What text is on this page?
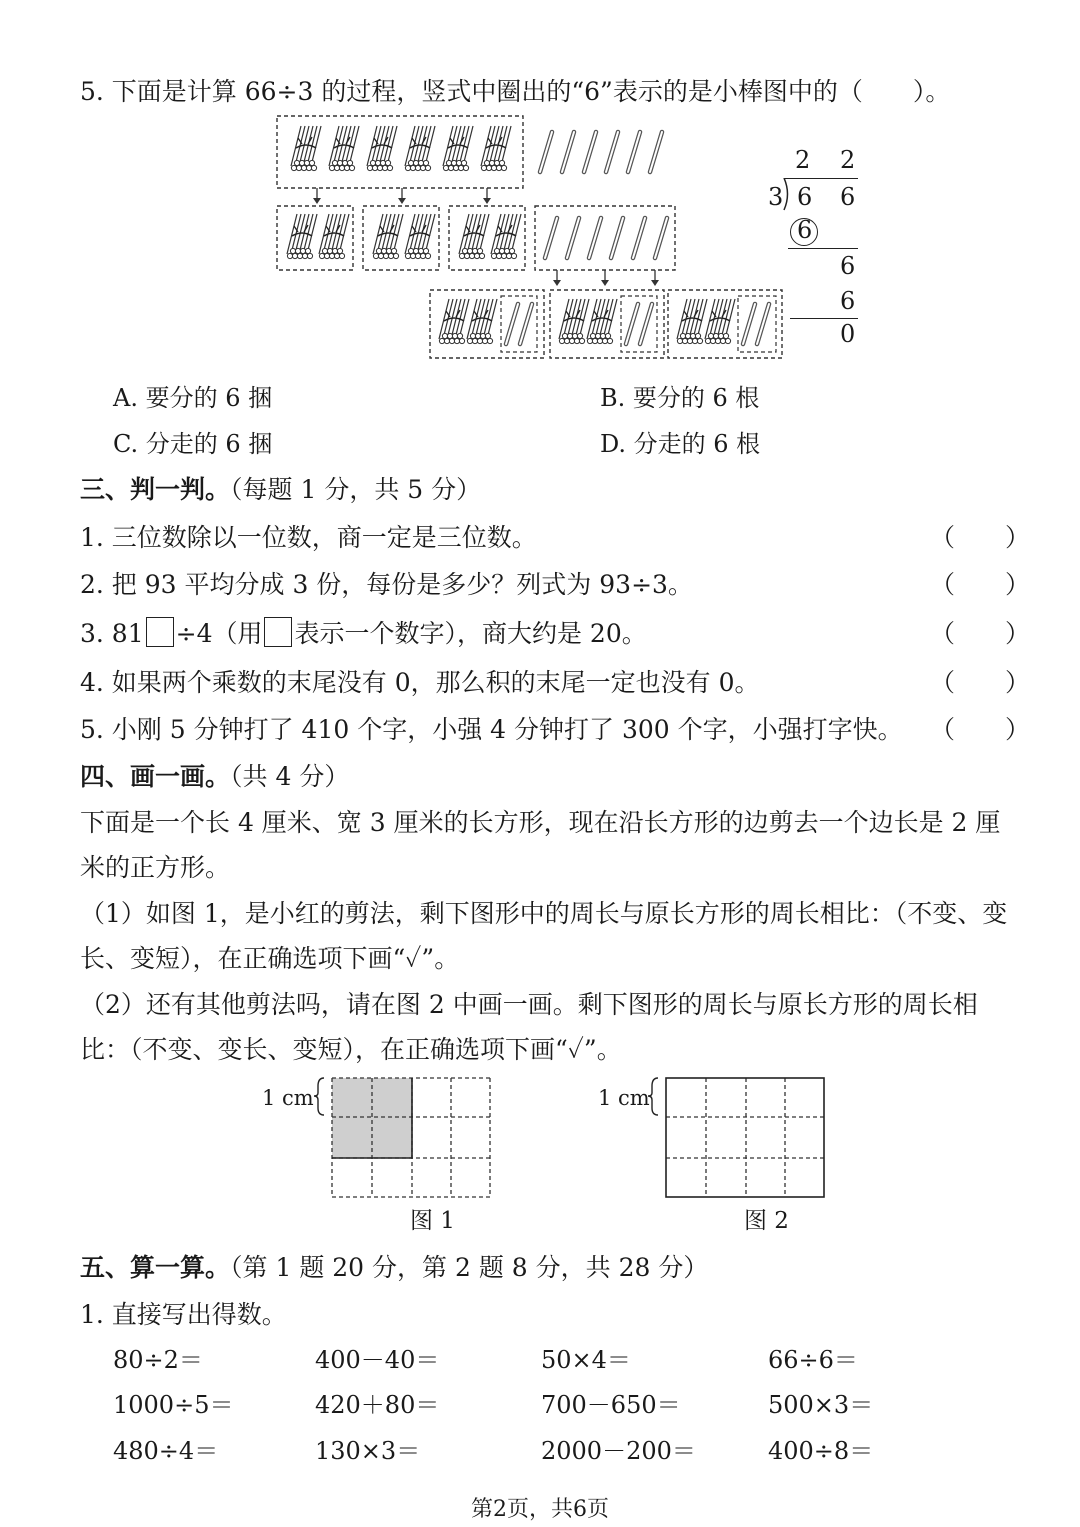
5. 下面是计算 66÷3 的过程，竖式中圈出的“6”表示的是小棒图中的（　　）。
2 2
3 6 6
6
6
6
0
A. 要分的 6 捆	B. 要分的 6 根
C. 分走的 6 捆	D. 分走的 6 根
三、判一判。（每题 1 分，共 5 分）
1. 三位数除以一位数，商一定是三位数。	（　　）
2. 把 93 平均分成 3 份，每份是多少？列式为 93÷3。	（　　）
3. 81 ÷4（用 表示一个数字），商大约是 20。	（　　）
4. 如果两个乘数的末尾没有 0，那么积的末尾一定也没有 0。	（　　）
5. 小刚 5 分钟打了 410 个字，小强 4 分钟打了 300 个字，小强打字快。 （　　）
四、画一画。（共 4 分）
下面是一个长 4 厘米、宽 3 厘米的长方形，现在沿长方形的边剪去一个边长是 2 厘
米的正方形。
（1）如图 1，是小红的剪法，剩下图形中的周长与原长方形的周长相比：（不变、变
长、变短），在正确选项下画“✓”。
（2）还有其他剪法吗，请在图 2 中画一画。剩下图形的周长与原长方形的周长相
比：（不变、变长、变短），在正确选项下画“✓”。
1 cm
图 1
1 cm
图 2
五、算一算。（第 1 题 20 分，第 2 题 8 分，共 28 分）
1. 直接写出得数。
80÷2＝	400－40＝	50×4＝	66÷6＝
1000÷5＝	420＋80＝	700－650＝	500×3＝
480÷4＝	130×3＝	2000－200＝	400÷8＝
第2页，共6页
